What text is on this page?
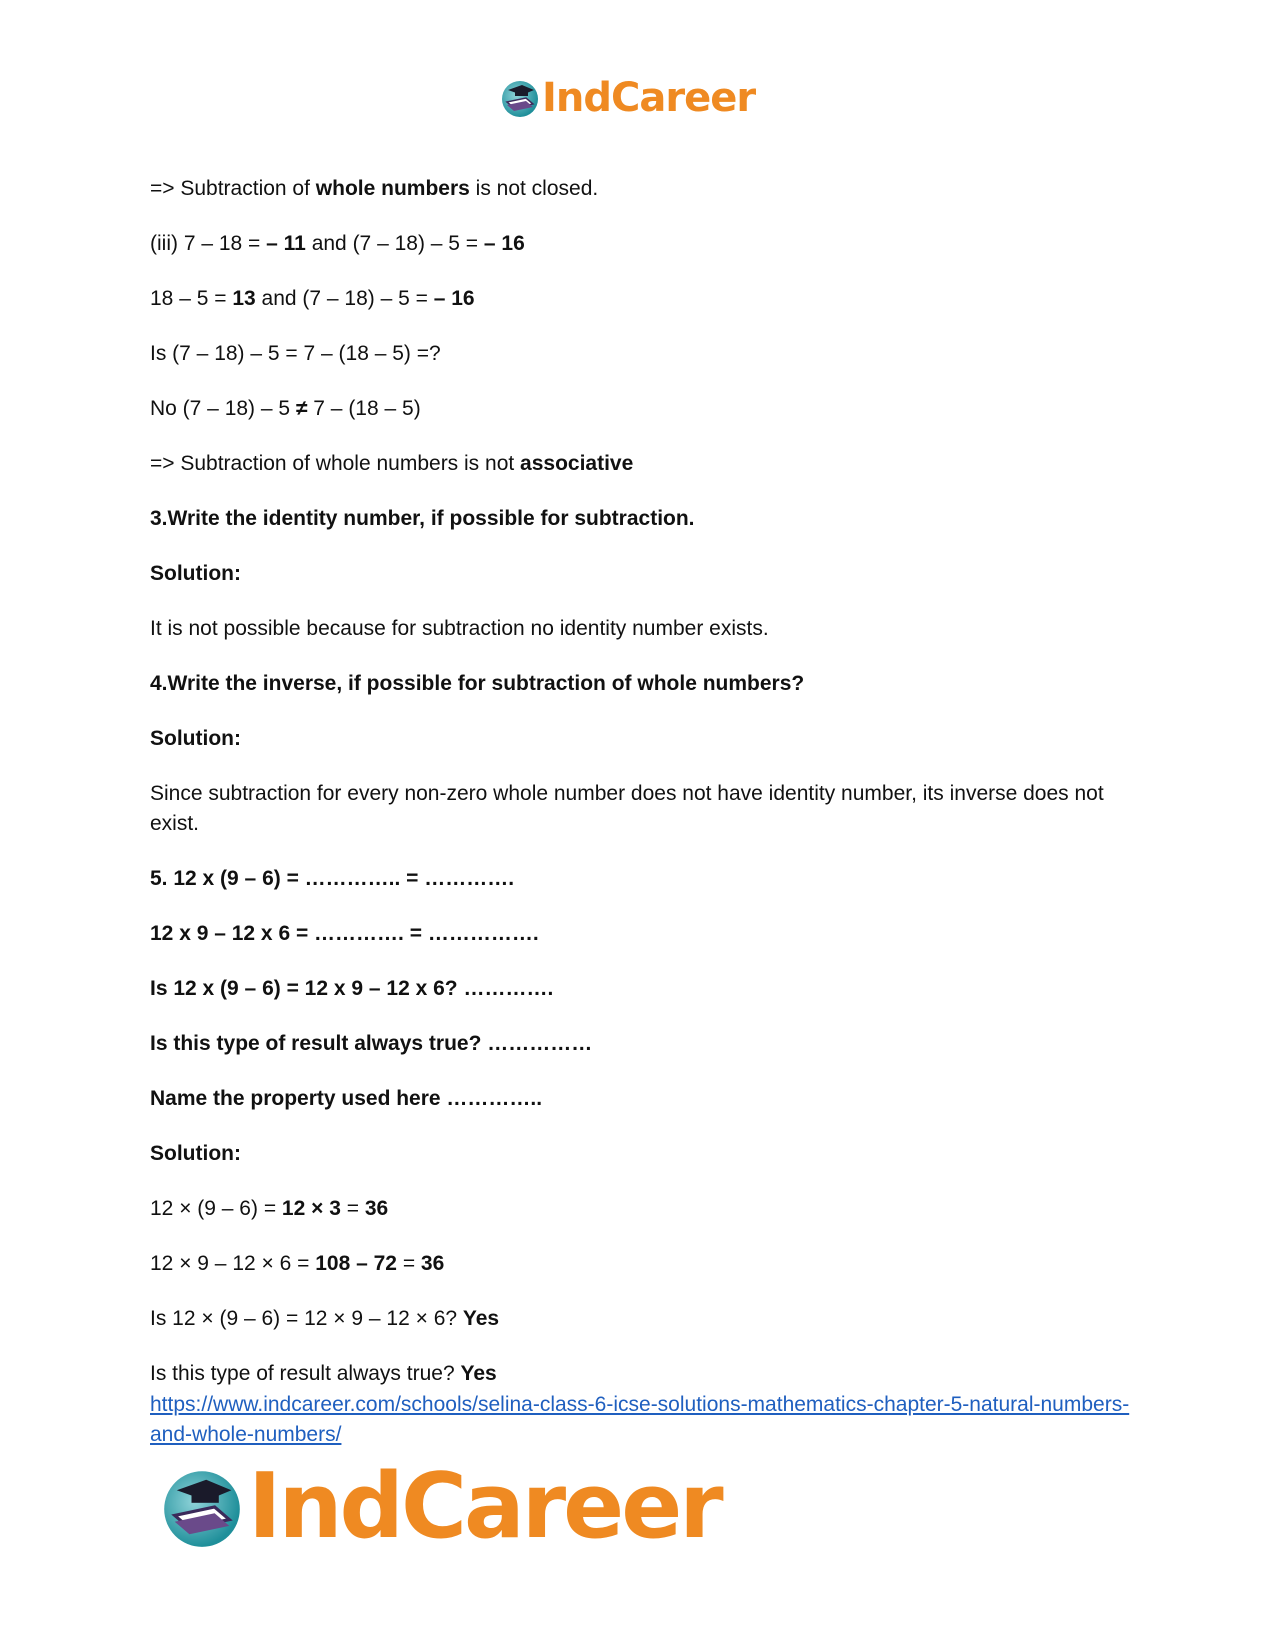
IndCareer
=> Subtraction of whole numbers is not closed.
(iii) 7 – 18 = – 11 and (7 – 18) – 5 = – 16
18 – 5 = 13 and (7 – 18) – 5 = – 16
Is (7 – 18) – 5 = 7 – (18 – 5) =?
No (7 – 18) – 5 ≠ 7 – (18 – 5)
=> Subtraction of whole numbers is not associative
3.Write the identity number, if possible for subtraction.
Solution:
It is not possible because for subtraction no identity number exists.
4.Write the inverse, if possible for subtraction of whole numbers?
Solution:
Since subtraction for every non-zero whole number does not have identity number, its inverse does not exist.
5. 12 x (9 – 6) = ………….. = ………….
12 x 9 – 12 x 6 = …………. = …………….
Is 12 x (9 – 6) = 12 x 9 – 12 x 6? ………….
Is this type of result always true? ……………
Name the property used here …………..
Solution:
12 × (9 – 6) = 12 × 3 = 36
12 × 9 – 12 × 6 = 108 – 72 = 36
Is 12 × (9 – 6) = 12 × 9 – 12 × 6? Yes
Is this type of result always true? Yes
https://www.indcareer.com/schools/selina-class-6-icse-solutions-mathematics-chapter-5-natural-numbers-and-whole-numbers/
IndCareer
